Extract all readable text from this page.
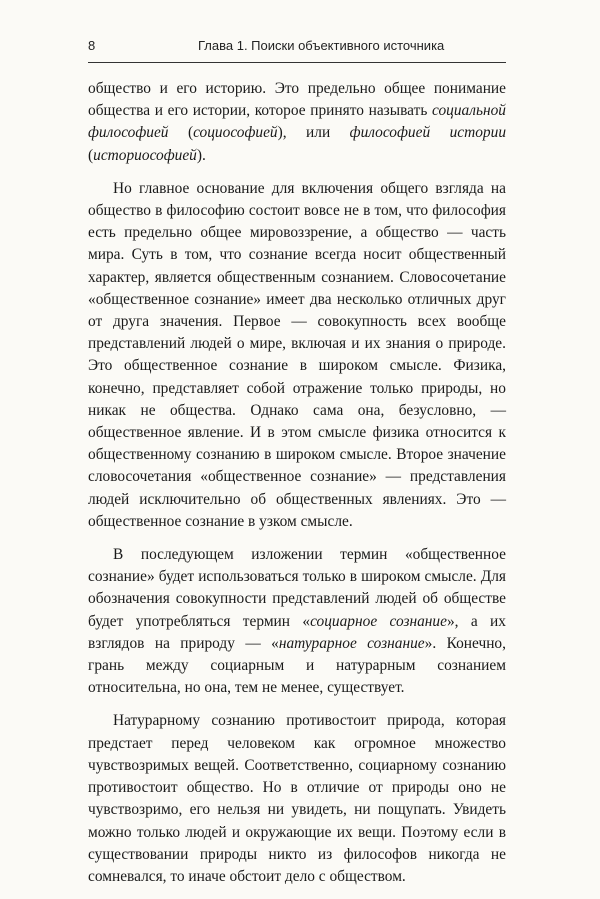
8	Глава 1. Поиски объективного источника

общество и его историю. Это предельно общее понимание общества и его истории, которое принято называть социальной философией (социософией), или философией истории (историософией).

Но главное основание для включения общего взгляда на общество в философию состоит вовсе не в том, что философия есть предельно общее мировоззрение, а общество — часть мира. Суть в том, что сознание всегда носит общественный характер, является общественным сознанием. Словосочетание «общественное сознание» имеет два несколько отличных друг от друга значения. Первое — совокупность всех вообще представлений людей о мире, включая и их знания о природе. Это общественное сознание в широком смысле. Физика, конечно, представляет собой отражение только природы, но никак не общества. Однако сама она, безусловно, — общественное явление. И в этом смысле физика относится к общественному сознанию в широком смысле. Второе значение словосочетания «общественное сознание» — представления людей исключительно об общественных явлениях. Это — общественное сознание в узком смысле.

В последующем изложении термин «общественное сознание» будет использоваться только в широком смысле. Для обозначения совокупности представлений людей об обществе будет употребляться термин «социарное сознание», а их взглядов на природу — «натурарное сознание». Конечно, грань между социарным и натурарным сознанием относительна, но она, тем не менее, существует.

Натурарному сознанию противостоит природа, которая предстает перед человеком как огромное множество чувствозримых вещей. Соответственно, социарному сознанию противостоит общество. Но в отличие от природы оно не чувствозримо, его нельзя ни увидеть, ни пощупать. Увидеть можно только людей и окружающие их вещи. Поэтому если в существовании природы никто из философов никогда не сомневался, то иначе обстоит дело с обществом.
